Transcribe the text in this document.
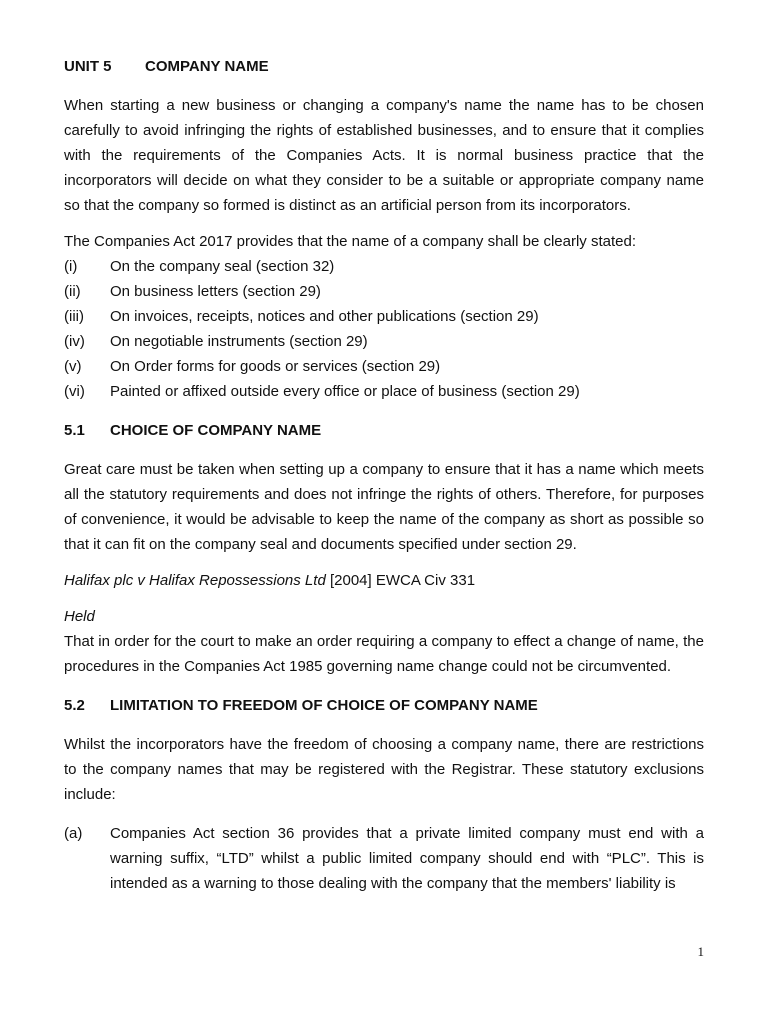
UNIT 5 COMPANY NAME

When starting a new business or changing a company's name the name has to be chosen carefully to avoid infringing the rights of established businesses, and to ensure that it complies with the requirements of the Companies Acts. It is normal business practice that the incorporators will decide on what they consider to be a suitable or appropriate company name so that the company so formed is distinct as an artificial person from its incorporators.

The Companies Act 2017 provides that the name of a company shall be clearly stated:

(i)	On the company seal (section 32)
(ii)	On business letters (section 29)
(iii)	On invoices, receipts, notices and other publications (section 29)
(iv)	On negotiable instruments (section 29)
(v)	On Order forms for goods or services (section 29)
(vi)	Painted or affixed outside every office or place of business (section 29)

5.1 CHOICE OF COMPANY NAME

Great care must be taken when setting up a company to ensure that it has a name which meets all the statutory requirements and does not infringe the rights of others. Therefore, for purposes of convenience, it would be advisable to keep the name of the company as short as possible so that it can fit on the company seal and documents specified under section 29.

Halifax plc v Halifax Repossessions Ltd [2004] EWCA Civ 331

Held

That in order for the court to make an order requiring a company to effect a change of name, the procedures in the Companies Act 1985 governing name change could not be circumvented.

5.2 LIMITATION TO FREEDOM OF CHOICE OF COMPANY NAME

Whilst the incorporators have the freedom of choosing a company name, there are restrictions to the company names that may be registered with the Registrar. These statutory exclusions include:

(a)	Companies Act section 36 provides that a private limited company must end with a warning suffix, “LTD” whilst a public limited company should end with “PLC”. This is intended as a warning to those dealing with the company that the members' liability is
1
